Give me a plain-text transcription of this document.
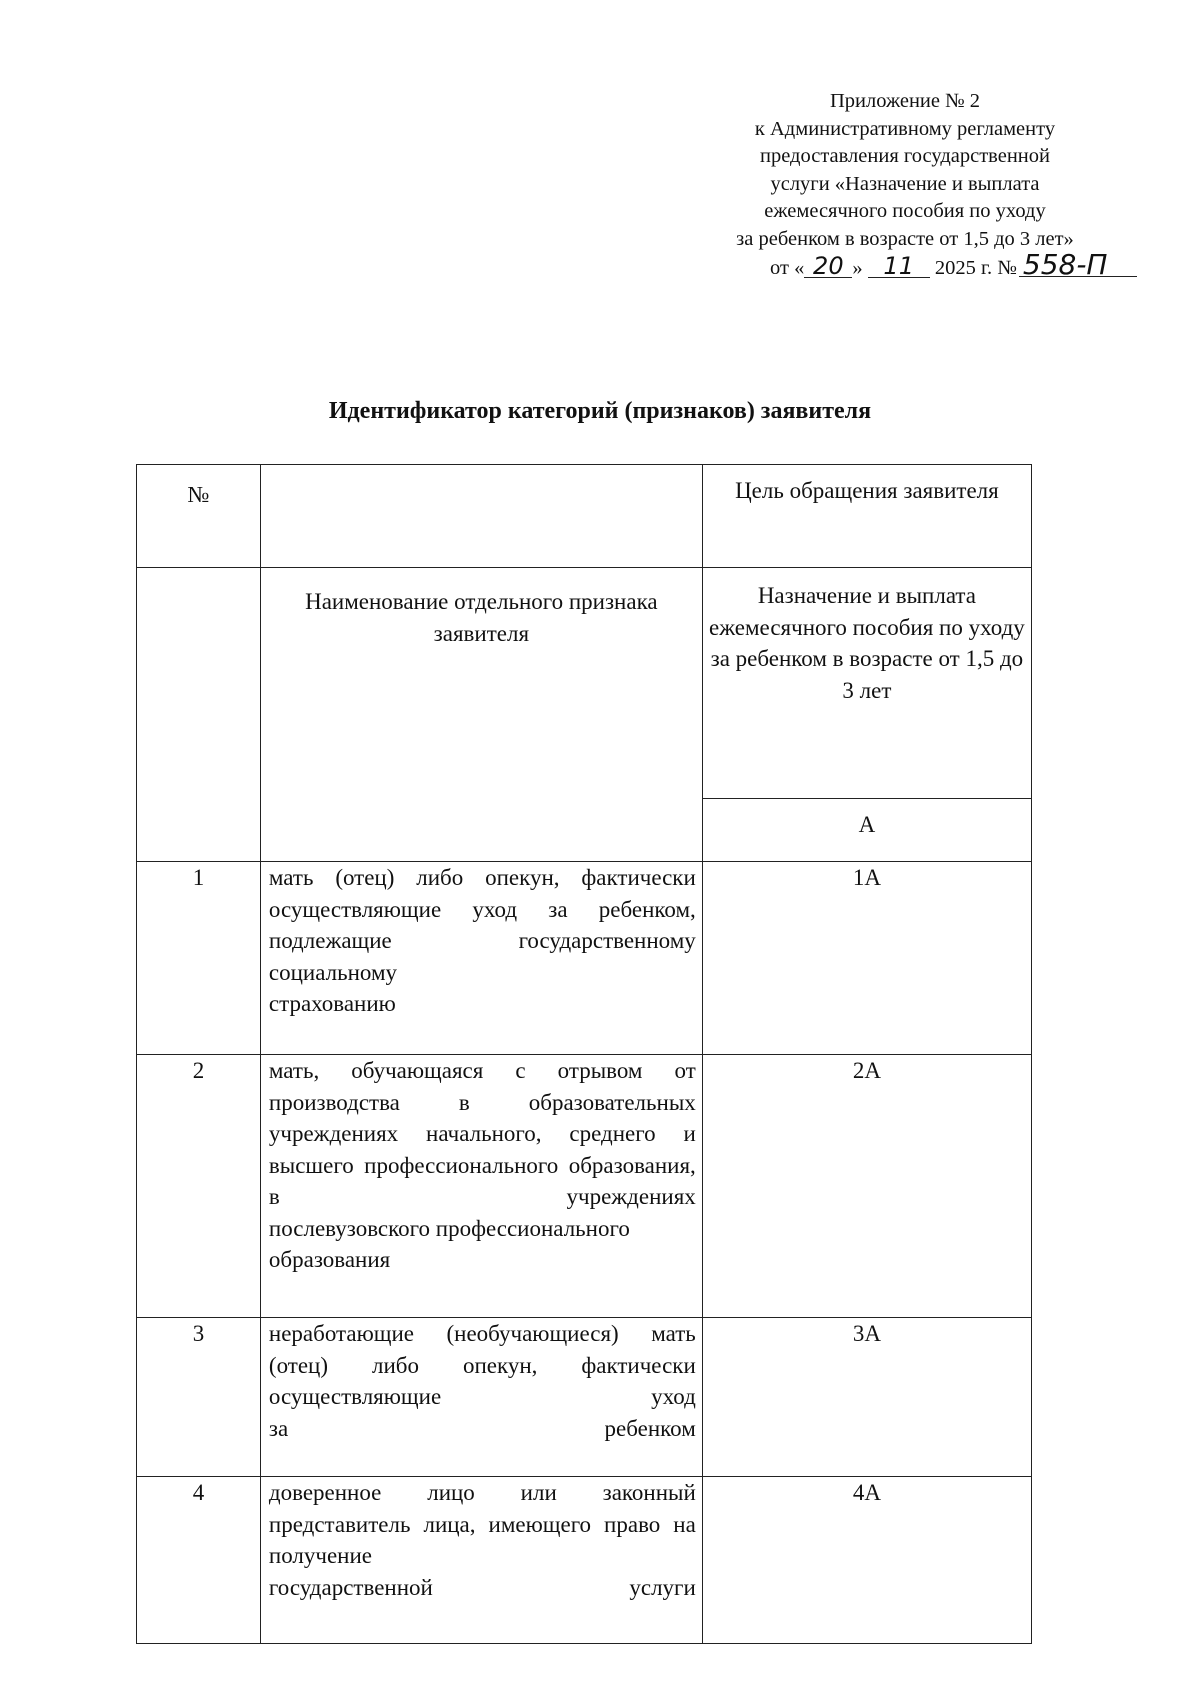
Приложение № 2
к Административному регламенту
предоставления государственной
услуги «Назначение и выплата
ежемесячного пособия по уходу
за ребенком в возрасте от 1,5 до 3 лет»
от « 20 » 11 2025 г. № 558-П
Идентификатор категорий (признаков) заявителя
№		Цель обращения заявителя
	Наименование отдельного признака заявителя	Назначение и выплата ежемесячного пособия по уходу за ребенком в возрасте от 1,5 до 3 лет
		А
1	мать (отец) либо опекун, фактически осуществляющие уход за ребенком, подлежащие государственному социальному
страхованию	1А
2	мать, обучающаяся с отрывом от производства в образовательных учреждениях начального, среднего и высшего профессионального образования, в учреждениях
послевузовского профессионального образования	2А
3	неработающие (необучающиеся) мать (отец) либо опекун, фактически осуществляющие уход
за ребенком	3А
4	доверенное лицо или законный представитель лица, имеющего право на получение
государственной услуги	4А
